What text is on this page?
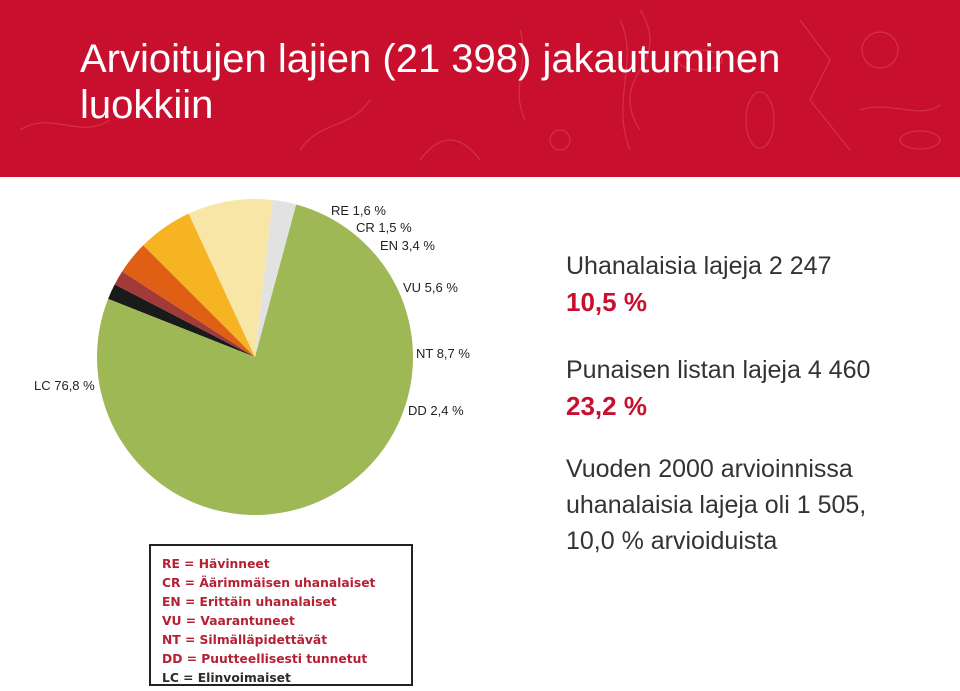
Arvioitujen lajien (21 398) jakautuminen luokkiin
RE 1,6 %
CR 1,5 %
EN 3,4 %
VU 5,6 %
NT 8,7 %
DD 2,4 %
LC 76,8 %
RE = Hävinneet
CR = Äärimmäisen uhanalaiset
EN = Erittäin uhanalaiset
VU = Vaarantuneet
NT = Silmälläpidettävät
DD = Puutteellisesti tunnetut
LC = Elinvoimaiset
Uhanalaisia lajeja 2 247
10,5 %
Punaisen listan lajeja 4 460
23,2 %
Vuoden 2000 arvioinnissa
uhanalaisia lajeja oli 1 505,
10,0 % arvioiduista
